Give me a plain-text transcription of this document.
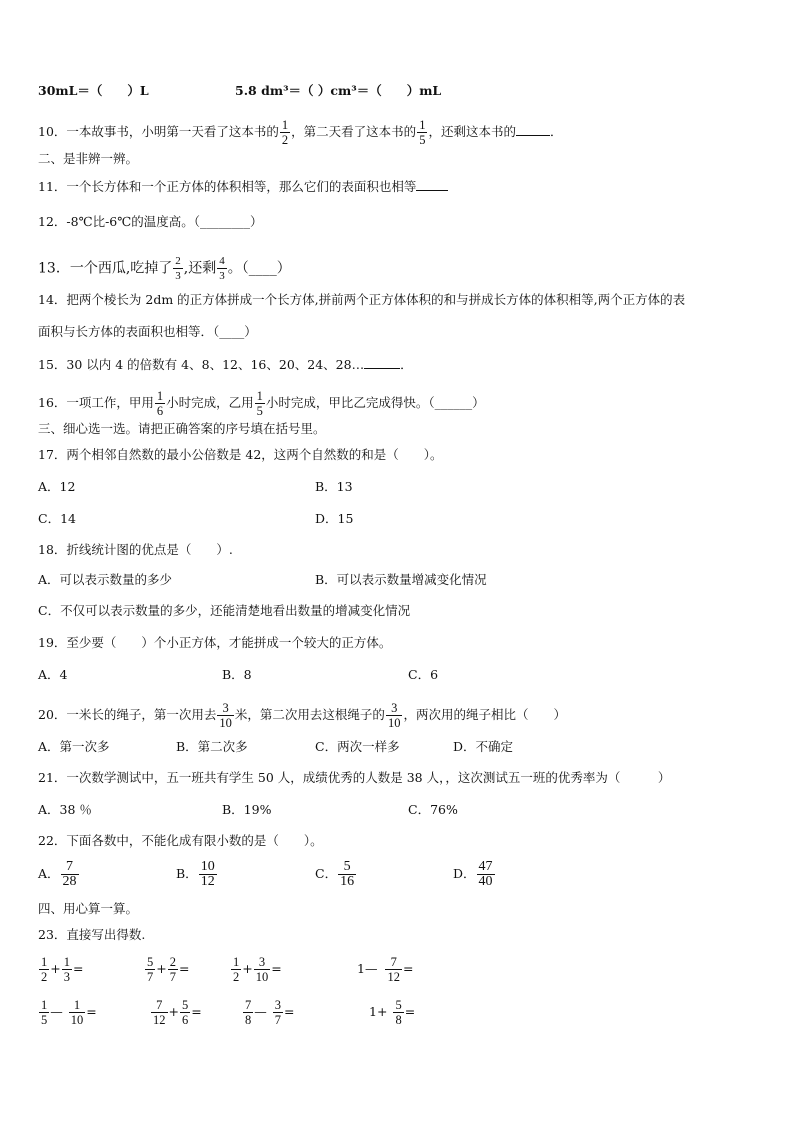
30mL＝（　　）L	5.8 dm³＝（ ）cm³＝（　　）mL
10．一本故事书，小明第一天看了这本书的 $\frac{1}{2}$ ，第二天看了这本书的 $\frac{1}{5}$ ，还剩这本书的	．
二、是非辨一辨。
11．一个长方体和一个正方体的体积相等，那么它们的表面积也相等
12．-8℃比-6℃的温度高。（________）
13．一个西瓜,吃掉了 $\frac{2}{3}$ ,还剩 $\frac{4}{3}$ 。（____）
14．把两个棱长为 2dm 的正方体拼成一个长方体,拼前两个正方体体积的和与拼成长方体的体积相等,两个正方体的表
面积与长方体的表面积也相等．（____）
15．30 以内 4 的倍数有 4、8、12、16、20、24、28…	．
16．一项工作，甲用 $\frac{1}{6}$ 小时完成，乙用 $\frac{1}{5}$ 小时完成，甲比乙完成得快。（______）
三、细心选一选。请把正确答案的序号填在括号里。
17．两个相邻自然数的最小公倍数是 42，这两个自然数的和是（　　）。
A．12	B．13
C．14	D．15
18．折线统计图的优点是（　　）.
A．可以表示数量的多少	B．可以表示数量增减变化情况
C．不仅可以表示数量的多少，还能清楚地看出数量的增减变化情况
19．至少要（　　）个小正方体，才能拼成一个较大的正方体。
A．4	B．8	C．6
20．一米长的绳子，第一次用去 $\frac{3}{10}$ 米，第二次用去这根绳子的 $\frac{3}{10}$ ，两次用的绳子相比（　　）
A．第一次多	B．第二次多	C．两次一样多	D．不确定
21．一次数学测试中，五一班共有学生 50 人，成绩优秀的人数是 38 人，，这次测试五一班的优秀率为（　　　）
A．38 ％	B．19%	C．76%
22．下面各数中，不能化成有限小数的是（　　）。
A． $\frac{7}{28}$	B． $\frac{10}{12}$	C． $\frac{5}{16}$	D． $\frac{47}{40}$
四、用心算一算。
23．直接写出得数.
$\frac{1}{2} + \frac{1}{3}$ =	$\frac{5}{7} + \frac{2}{7}$ =	$\frac{1}{2} + \frac{3}{10}$ =	1— $\frac{7}{12}$ =
$\frac{1}{5}$ — $\frac{1}{10}$ =	$\frac{7}{12} + \frac{5}{6}$ =	$\frac{7}{8}$ — $\frac{3}{7}$ =	$1+ \frac{5}{8}$ =
